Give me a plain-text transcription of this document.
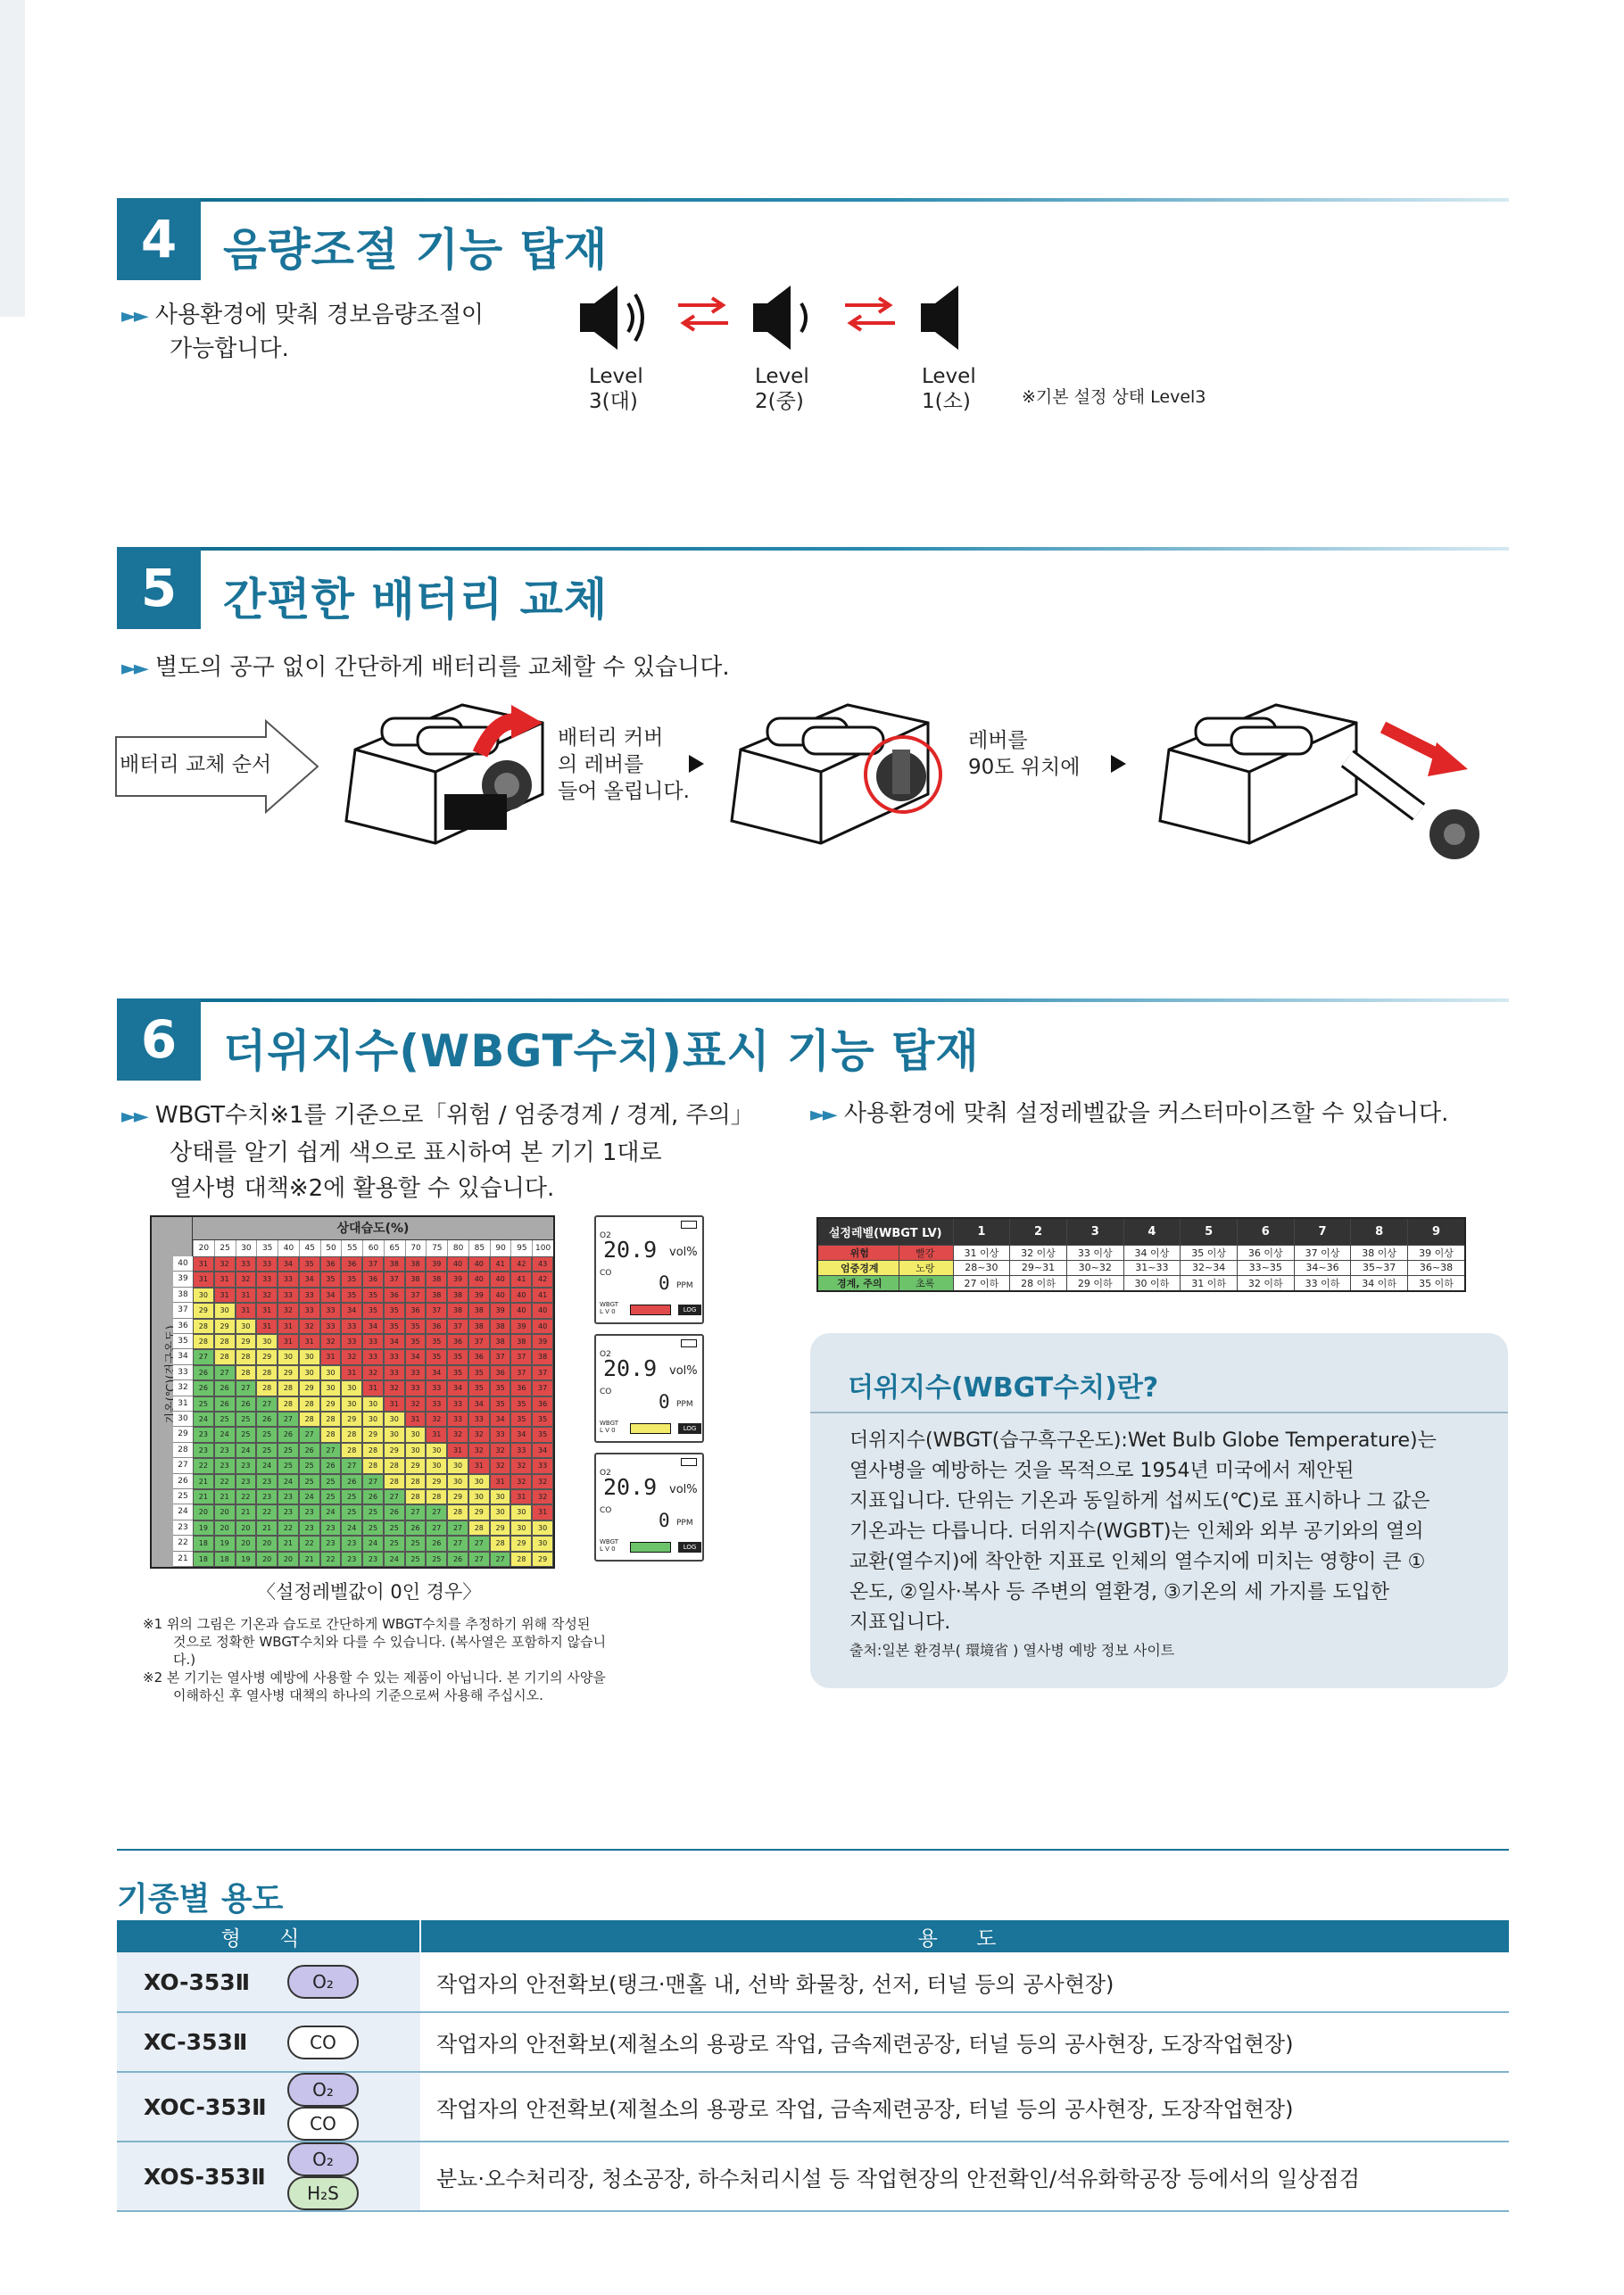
4	음량조절 기능 탑재
►► 사용환경에 맞춰 경보음량조절이
가능합니다.
Level
3(대)
Level
2(중)
Level
1(소)	※기본 설정 상태 Level3
5	간편한 배터리 교체
►► 별도의 공구 없이 간단하게 배터리를 교체할 수 있습니다.
배터리 교체 순서
배터리 커버
의 레버를
들어 올립니다.
레버를
90도 위치에
6	더위지수(WBGT수치)표시 기능 탑재
►► WBGT수치※1를 기준으로「위험 / 엄중경계 / 경계, 주의」
상태를 알기 쉽게 색으로 표시하여 본 기기 1대로
열사병 대책※2에 활용할 수 있습니다.
►► 사용환경에 맞춰 설정레벨값을 커스터마이즈할 수 있습니다.
상대습도(%)
20	25	30	35	40	45	50	55	60	65	70	75	80	85	90	95	100
40	31	32	33	33	34	35	36	36	37	38	38	39	40	40	41	42	43
39	31	31	32	33	33	34	35	35	36	37	38	38	39	40	40	41	42
38	30	31	31	32	33	33	34	35	35	36	37	38	38	39	40	40	41
37	29	30	31	31	32	33	33	34	35	35	36	37	38	38	39	40	40
36	28	29	30	31	31	32	33	33	34	35	35	36	37	38	38	39	40
35	28	28	29	30	31	31	32	33	33	34	35	35	36	37	38	38	39
34	27	28	28	29	30	30	31	32	33	33	34	35	35	36	37	37	38
33	26	27	28	28	29	30	30	31	32	33	33	34	35	35	36	37	37
32	26	26	27	28	28	29	30	30	31	32	33	33	34	35	35	36	37
31	25	26	26	27	28	28	29	30	30	31	32	33	33	34	35	35	36
30	24	25	25	26	27	28	28	29	30	30	31	32	33	33	34	35	35
29	23	24	25	25	26	27	28	28	29	30	30	31	32	32	33	34	35
28	23	23	24	25	25	26	27	28	28	29	30	30	31	32	32	33	34
27	22	23	23	24	25	25	26	27	28	28	29	30	30	31	32	32	33
26	21	22	23	23	24	25	25	26	27	28	28	29	30	30	31	32	32
25	21	21	22	23	23	24	25	25	26	27	28	28	29	30	30	31	32
24	20	20	21	22	23	23	24	25	25	26	27	27	28	29	30	30	31
23	19	20	20	21	22	23	23	24	25	25	26	27	27	28	29	30	30
22	18	19	20	20	21	22	23	23	24	25	25	26	27	27	28	29	30
21	18	18	19	20	20	21	22	23	23	24	25	25	26	27	27	28	29
〈설정레벨값이 0인 경우〉
O2
20.9 vol%
CO	0 PPM
WBGT
L V 0	LOG
O2
20.9 vol%
CO	0 PPM
WBGT
L V 0	LOG
O2
20.9 vol%
CO	0 PPM
WBGT
L V 0	LOG
※1 위의 그림은 기온과 습도로 간단하게 WBGT수치를 추정하기 위해 작성된
것으로 정확한 WBGT수치와 다를 수 있습니다. (복사열은 포함하지 않습니
다.)
※2 본 기기는 열사병 예방에 사용할 수 있는 제품이 아닙니다. 본 기기의 사양을
이해하신 후 열사병 대책의 하나의 기준으로써 사용해 주십시오.
설정레벨(WBGT LV)	1	2	3	4	5	6	7	8	9
위험 빨강	31 이상	32 이상	33 이상	34 이상	35 이상	36 이상	37 이상	38 이상	39 이상
엄중경계 노랑	28~30	29~31	30~32	31~33	32~34	33~35	34~36	35~37	36~38
경계, 주의 초록	27 이하	28 이하	29 이하	30 이하	31 이하	32 이하	33 이하	34 이하	35 이하
더위지수(WBGT수치)란?
더위지수(WBGT(습구흑구온도):Wet Bulb Globe Temperature)는
열사병을 예방하는 것을 목적으로 1954년 미국에서 제안된
지표입니다. 단위는 기온과 동일하게 섭씨도(℃)로 표시하나 그 값은
기온과는 다릅니다. 더위지수(WGBT)는 인체와 외부 공기와의 열의
교환(열수지)에 착안한 지표로 인체의 열수지에 미치는 영향이 큰 ①
온도, ②일사·복사 등 주변의 열환경, ③기온의 세 가지를 도입한
지표입니다.
출처:일본 환경부( 環境省 ) 열사병 예방 정보 사이트
기종별 용도
형 식		용 도
XO-353Ⅱ	O₂	작업자의 안전확보(탱크·맨홀 내, 선박 화물창, 선저, 터널 등의 공사현장)
XC-353Ⅱ	CO	작업자의 안전확보(제철소의 용광로 작업, 금속제련공장, 터널 등의 공사현장, 도장작업현장)
XOC-353Ⅱ	O₂CO	작업자의 안전확보(제철소의 용광로 작업, 금속제련공장, 터널 등의 공사현장, 도장작업현장)
XOS-353Ⅱ	O₂H₂S	분뇨·오수처리장, 청소공장, 하수처리시설 등 작업현장의 안전확인/석유화학공장 등에서의 일상점검
